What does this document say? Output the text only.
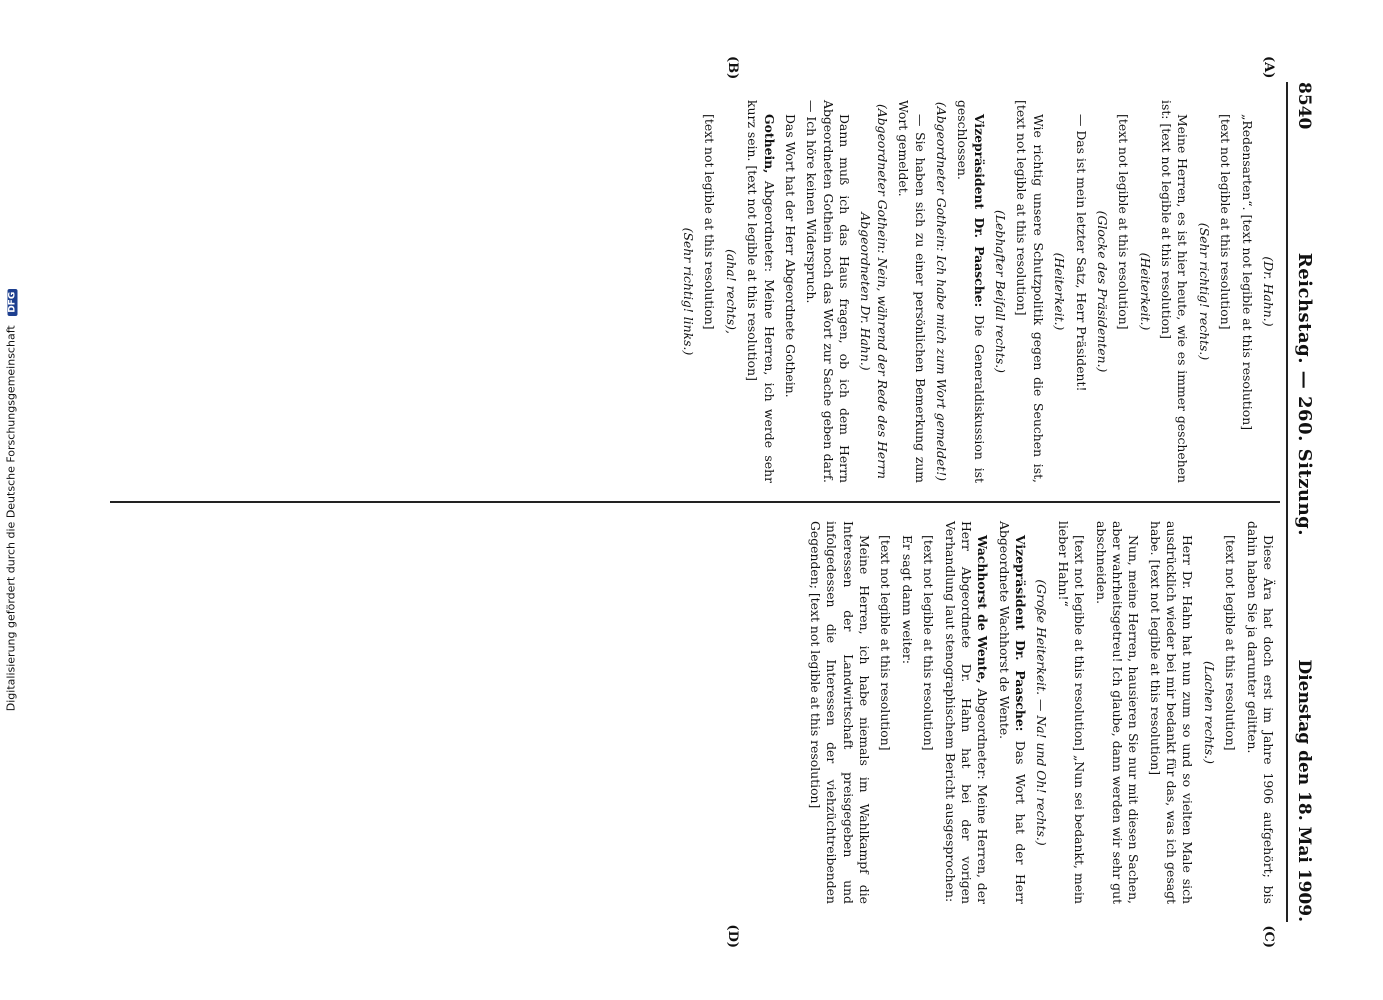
Digitalisierung gefördert durch die Deutsche Forschungsgemeinschaft DFG
8540
Reichstag. — 260. Sitzung.
Dienstag den 18. Mai 1909.
(A)
(B)
(Dr. Hahn.)

„Redensarten“. [text not legible at this resolution]

[text not legible at this resolution]

(Sehr richtig! rechts.)

Meine Herren, es ist hier heute, wie es immer geschehen ist: [text not legible at this resolution]

(Heiterkeit.)

[text not legible at this resolution]

(Glocke des Präsidenten.)

— Das ist mein letzter Satz, Herr Präsident!

(Heiterkeit.)

Wie richtig unsere Schutzpolitik gegen die Seuchen ist, [text not legible at this resolution]

(Lebhafter Beifall rechts.)

Vizepräsident Dr. Paasche: Die Generaldiskussion ist geschlossen.

(Abgeordneter Gothein: Ich habe mich zum Wort gemeldet!)

— Sie haben sich zu einer persönlichen Bemerkung zum Wort gemeldet.

(Abgeordneter Gothein: Nein, während der Rede des Herrn Abgeordneten Dr. Hahn.)

Dann muß ich das Haus fragen, ob ich dem Herrn Abgeordneten Gothein noch das Wort zur Sache geben darf. — Ich höre keinen Widerspruch.

Das Wort hat der Herr Abgeordnete Gothein.

Gothein, Abgeordneter: Meine Herren, ich werde sehr kurz sein. [text not legible at this resolution]

(aha! rechts),

[text not legible at this resolution]

(Sehr richtig! links.)
(C)
(D)

Diese Ära hat doch erst im Jahre 1906 aufgehört; bis dahin haben Sie ja darunter gelitten.

[text not legible at this resolution]

(Lachen rechts.)

Herr Dr. Hahn hat nun zum so und so vielten Male sich ausdrücklich wieder bei mir bedankt für das, was ich gesagt habe. [text not legible at this resolution]

Nun, meine Herren, hausieren Sie nur mit diesen Sachen, aber wahrheitsgetreu! Ich glaube, dann werden wir sehr gut abschneiden.

[text not legible at this resolution] „Nun sei bedankt, mein lieber Hahn!“

(Große Heiterkeit. — Na! und Oh! rechts.)

Vizepräsident Dr. Paasche: Das Wort hat der Herr Abgeordnete Wachhorst de Wente.

Wachhorst de Wente, Abgeordneter: Meine Herren, der Herr Abgeordnete Dr. Hahn hat bei der vorigen Verhandlung laut stenographischem Bericht ausgesprochen:

[text not legible at this resolution]

Er sagt dann weiter:

[text not legible at this resolution]

Meine Herren, ich habe niemals im Wahlkampf die Interessen der Landwirtschaft preisgegeben und infolgedessen die Interessen der viehzüchtreibenden Gegenden; [text not legible at this resolution]
